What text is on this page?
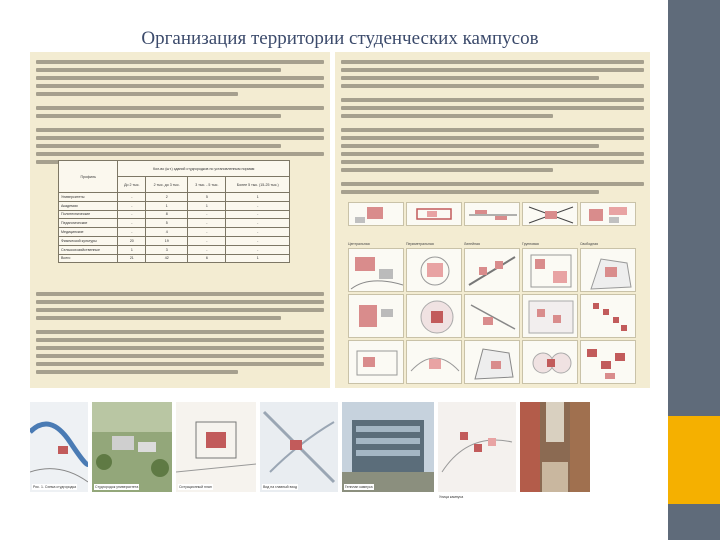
Организация территории студенческих кампусов
Профиль	Кол-во (шт.) зданий студгородков по установленным нормам			
	До 2 тыс.	2 тыс. до 3 тыс.	3 тыс. - 5 тыс.	Более 5 тыс. (15-25 тыс.)
Университеты	-	2	5	1
Академии	-	1	1	-
Политехнические	-	8	-	-
Педагогические	-	5	-	-
Медицинские	-	4	-	-
Физической культуры	20	19	-	-
Сельскохозяйственные	1	3	-	-
Всего	21	42	6	1
Центральная	Периметральная	Линейная	Групповая	Свободная
Рис. 1. Схема студгородка	Студгородок университета	Ситуационный план	Вид на главный вход	Генплан кампуса
Улица кампуса
